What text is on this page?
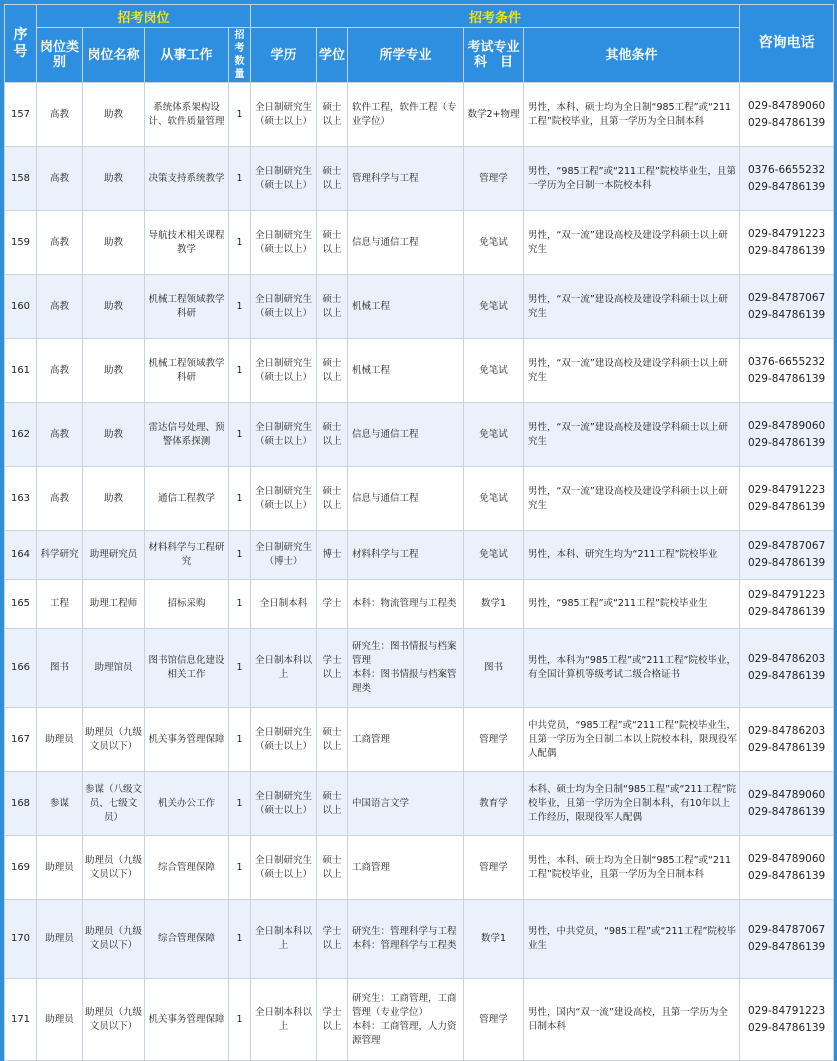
序号	招考岗位				招考条件					咨询电话
	岗位类别	岗位名称	从事工作	招考数量	学历	学位	所学专业	考试专业科　目	其他条件	
157	高教	助教	系统体系架构设计、软件质量管理	1	全日制研究生（硕士以上）	硕士以上	软件工程，软件工程（专业学位）	数学2+物理	男性，本科、硕士均为全日制“985工程”或“211工程”院校毕业，且第一学历为全日制本科	029-84789060
029-84786139

158	高教	助教	决策支持系统教学	1	全日制研究生（硕士以上）	硕士以上	管理科学与工程	管理学	男性，“985工程”或“211工程”院校毕业生，且第一学历为全日制一本院校本科	0376-6655232
029-84786139

159	高教	助教	导航技术相关课程教学	1	全日制研究生（硕士以上）	硕士以上	信息与通信工程	免笔试	男性，“双一流”建设高校及建设学科硕士以上研究生	029-84791223
029-84786139

160	高教	助教	机械工程领域教学科研	1	全日制研究生（硕士以上）	硕士以上	机械工程	免笔试	男性，“双一流”建设高校及建设学科硕士以上研究生	029-84787067
029-84786139

161	高教	助教	机械工程领域教学科研	1	全日制研究生（硕士以上）	硕士以上	机械工程	免笔试	男性，“双一流”建设高校及建设学科硕士以上研究生	0376-6655232
029-84786139

162	高教	助教	雷达信号处理、预警体系探测	1	全日制研究生（硕士以上）	硕士以上	信息与通信工程	免笔试	男性，“双一流”建设高校及建设学科硕士以上研究生	029-84789060
029-84786139

163	高教	助教	通信工程教学	1	全日制研究生（硕士以上）	硕士以上	信息与通信工程	免笔试	男性，“双一流”建设高校及建设学科硕士以上研究生	029-84791223
029-84786139

164	科学研究	助理研究员	材料科学与工程研究	1	全日制研究生（博士）	博士	材料科学与工程	免笔试	男性，本科、研究生均为“211工程”院校毕业	029-84787067
029-84786139

165	工程	助理工程师	招标采购	1	全日制本科	学士	本科：物流管理与工程类	数学1	男性，“985工程”或“211工程”院校毕业生	029-84791223
029-84786139

166	图书	助理馆员	图书馆信息化建设相关工作	1	全日制本科以上	学士以上	研究生：图书情报与档案管理
本科：图书情报与档案管理类	图书	男性，本科为“985工程”或“211工程”院校毕业，有全国计算机等级考试二级合格证书	029-84786203
029-84786139

167	助理员	助理员（九级文员以下）	机关事务管理保障	1	全日制研究生（硕士以上）	硕士以上	工商管理	管理学	中共党员，“985工程”或“211工程”院校毕业生，且第一学历为全日制二本以上院校本科，限现役军人配偶	029-84786203
029-84786139

168	参谋	参谋（八级文员、七级文员）	机关办公工作	1	全日制研究生（硕士以上）	硕士以上	中国语言文学	教育学	本科、硕士均为全日制“985工程”或“211工程”院校毕业，且第一学历为全日制本科，有10年以上工作经历，限现役军人配偶	029-84789060
029-84786139

169	助理员	助理员（九级文员以下）	综合管理保障	1	全日制研究生（硕士以上）	硕士以上	工商管理	管理学	男性，本科、硕士均为全日制“985工程”或“211工程”院校毕业，且第一学历为全日制本科	029-84789060
029-84786139

170	助理员	助理员（九级文员以下）	综合管理保障	1	全日制本科以上	学士以上	研究生：管理科学与工程
本科：管理科学与工程类	数学1	男性，中共党员，“985工程”或“211工程”院校毕业生	029-84787067
029-84786139

171	助理员	助理员（九级文员以下）	机关事务管理保障	1	全日制本科以上	学士以上	研究生：工商管理，工商管理（专业学位）
本科：工商管理，人力资源管理	管理学	男性，国内“双一流”建设高校，且第一学历为全日制本科	029-84791223
029-84786139
